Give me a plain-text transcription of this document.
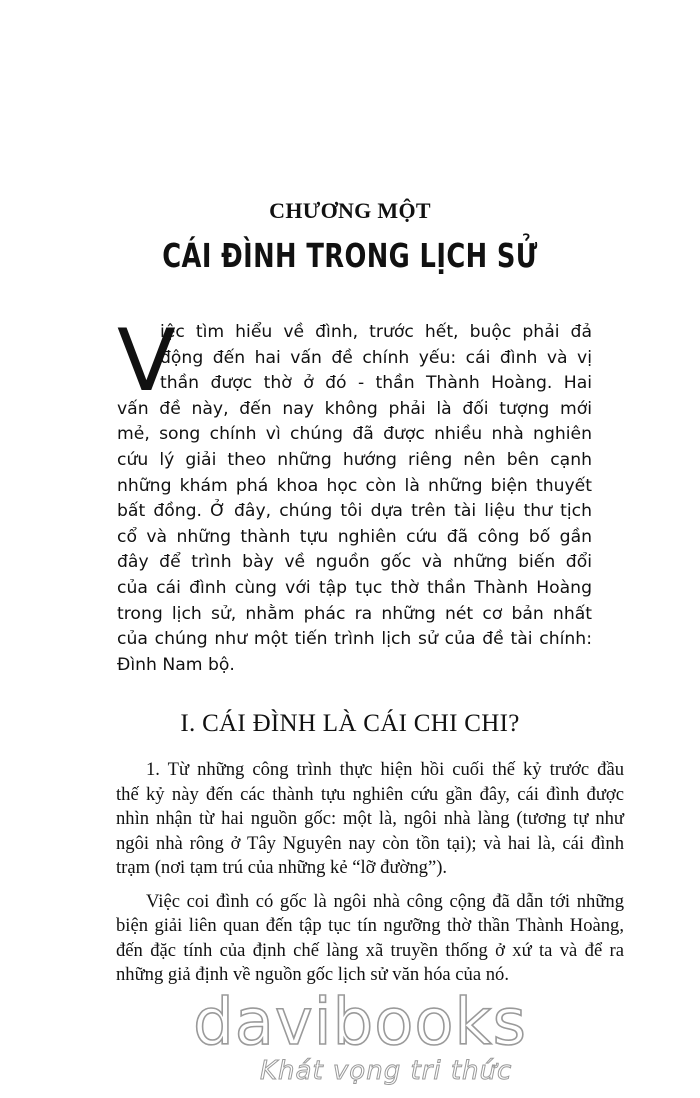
CHƯƠNG MỘT
CÁI ĐÌNH TRONG LỊCH SỬ
V
iệc tìm hiểu về đình, trước hết, buộc phải đả
động đến hai vấn đề chính yếu: cái đình và vị
thần được thờ ở đó - thần Thành Hoàng. Hai
vấn đề này, đến nay không phải là đối tượng mới
mẻ, song chính vì chúng đã được nhiều nhà nghiên
cứu lý giải theo những hướng riêng nên bên cạnh
những khám phá khoa học còn là những biện thuyết
bất đồng. Ở đây, chúng tôi dựa trên tài liệu thư tịch
cổ và những thành tựu nghiên cứu đã công bố gần
đây để trình bày về nguồn gốc và những biến đổi
của cái đình cùng với tập tục thờ thần Thành Hoàng
trong lịch sử, nhằm phác ra những nét cơ bản nhất
của chúng như một tiến trình lịch sử của đề tài chính:
Đình Nam bộ.
I. CÁI ĐÌNH LÀ CÁI CHI CHI?
1. Từ những công trình thực hiện hồi cuối thế kỷ trước đầu
thế kỷ này đến các thành tựu nghiên cứu gần đây, cái đình được
nhìn nhận từ hai nguồn gốc: một là, ngôi nhà làng (tương tự như
ngôi nhà rông ở Tây Nguyên nay còn tồn tại); và hai là, cái đình
trạm (nơi tạm trú của những kẻ “lỡ đường”).
Việc coi đình có gốc là ngôi nhà công cộng đã dẫn tới những
biện giải liên quan đến tập tục tín ngưỡng thờ thần Thành Hoàng,
đến đặc tính của định chế làng xã truyền thống ở xứ ta và để ra
những giả định về nguồn gốc lịch sử văn hóa của nó.
davibooks
Khát vọng tri thức
